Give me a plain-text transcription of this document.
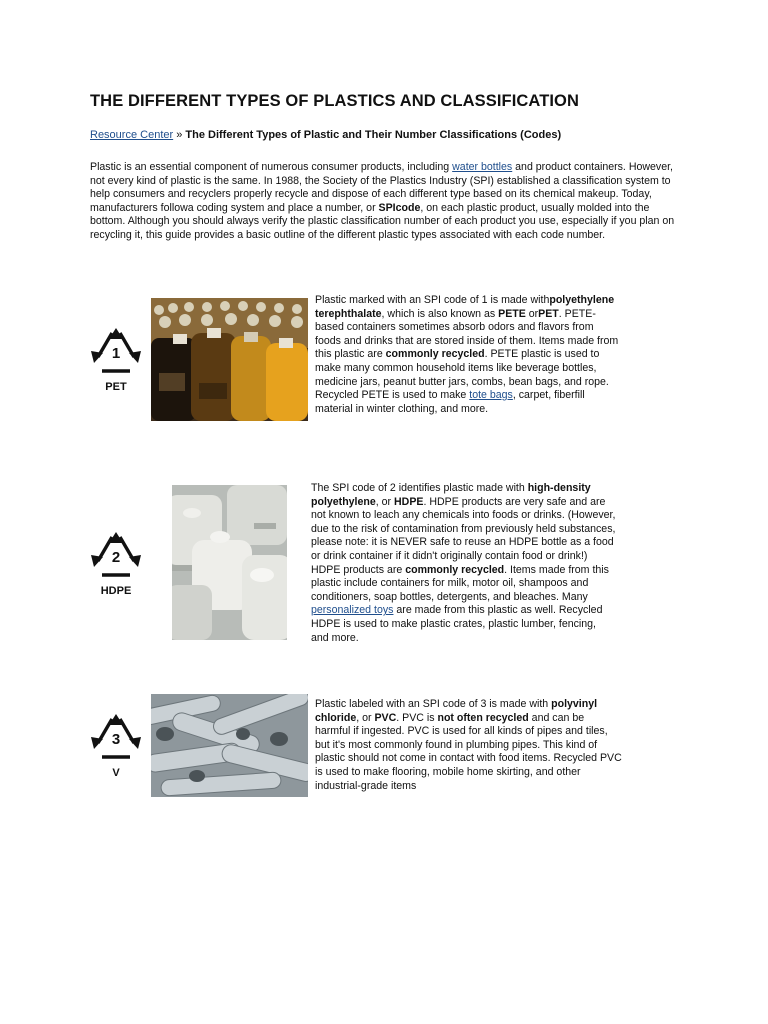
THE DIFFERENT TYPES OF PLASTICS AND CLASSIFICATION
Resource Center » The Different Types of Plastic and Their Number Classifications (Codes)
Plastic is an essential component of numerous consumer products, including water bottles and product containers. However, not every kind of plastic is the same. In 1988, the Society of the Plastics Industry (SPI) established a classification system to help consumers and recyclers properly recycle and dispose of each different type based on its chemical makeup. Today, manufacturers followa coding system and place a number, or SPIcode, on each plastic product, usually molded into the bottom. Although you should always verify the plastic classification number of each product you use, especially if you plan on recycling it, this guide provides a basic outline of the different plastic types associated with each code number.
1
PET
Plastic marked with an SPI code of 1 is made withpolyethylene terephthalate, which is also known as PETE orPET. PETE-based containers sometimes absorb odors and flavors from foods and drinks that are stored inside of them. Items made from this plastic are commonly recycled. PETE plastic is used to make many common household items like beverage bottles, medicine jars, peanut butter jars, combs, bean bags, and rope. Recycled PETE is used to make tote bags, carpet, fiberfill material in winter clothing, and more.
2
HDPE
The SPI code of 2 identifies plastic made with high-density polyethylene, or HDPE. HDPE products are very safe and are not known to leach any chemicals into foods or drinks. (However, due to the risk of contamination from previously held substances, please note: it is NEVER safe to reuse an HDPE bottle as a food or drink container if it didn't originally contain food or drink!) HDPE products are commonly recycled. Items made from this plastic include containers for milk, motor oil, shampoos and conditioners, soap bottles, detergents, and bleaches. Many personalized toys are made from this plastic as well. Recycled HDPE is used to make plastic crates, plastic lumber, fencing, and more.
3
V
Plastic labeled with an SPI code of 3 is made with polyvinyl chloride, or PVC. PVC is not often recycled and can be harmful if ingested. PVC is used for all kinds of pipes and tiles, but it's most commonly found in plumbing pipes. This kind of plastic should not come in contact with food items. Recycled PVC is used to make flooring, mobile home skirting, and other industrial-grade items
